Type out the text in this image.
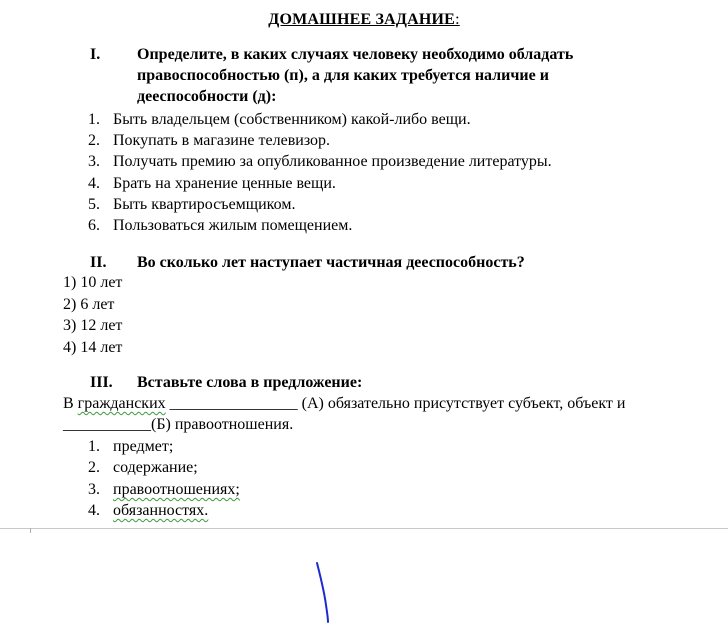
ДОМАШНЕЕ ЗАДАНИЕ:
I. Определите, в каких случаях человеку необходимо обладать
правоспособностью (п), а для каких требуется наличие и
дееспособности (д):
1. Быть владельцем (собственником) какой-либо вещи.
2. Покупать в магазине телевизор.
3. Получать премию за опубликованное произведение литературы.
4. Брать на хранение ценные вещи.
5. Быть квартиросъемщиком.
6. Пользоваться жилым помещением.
II. Во сколько лет наступает частичная дееспособность?
1) 10 лет
2) 6 лет
3) 12 лет
4) 14 лет
III. Вставьте слова в предложение:
В гражданских ________________ (А) обязательно присутствует субъект, объект и
___________(Б) правоотношения.
1. предмет;
2. содержание;
3. правоотношениях;
4. обязанностях.
